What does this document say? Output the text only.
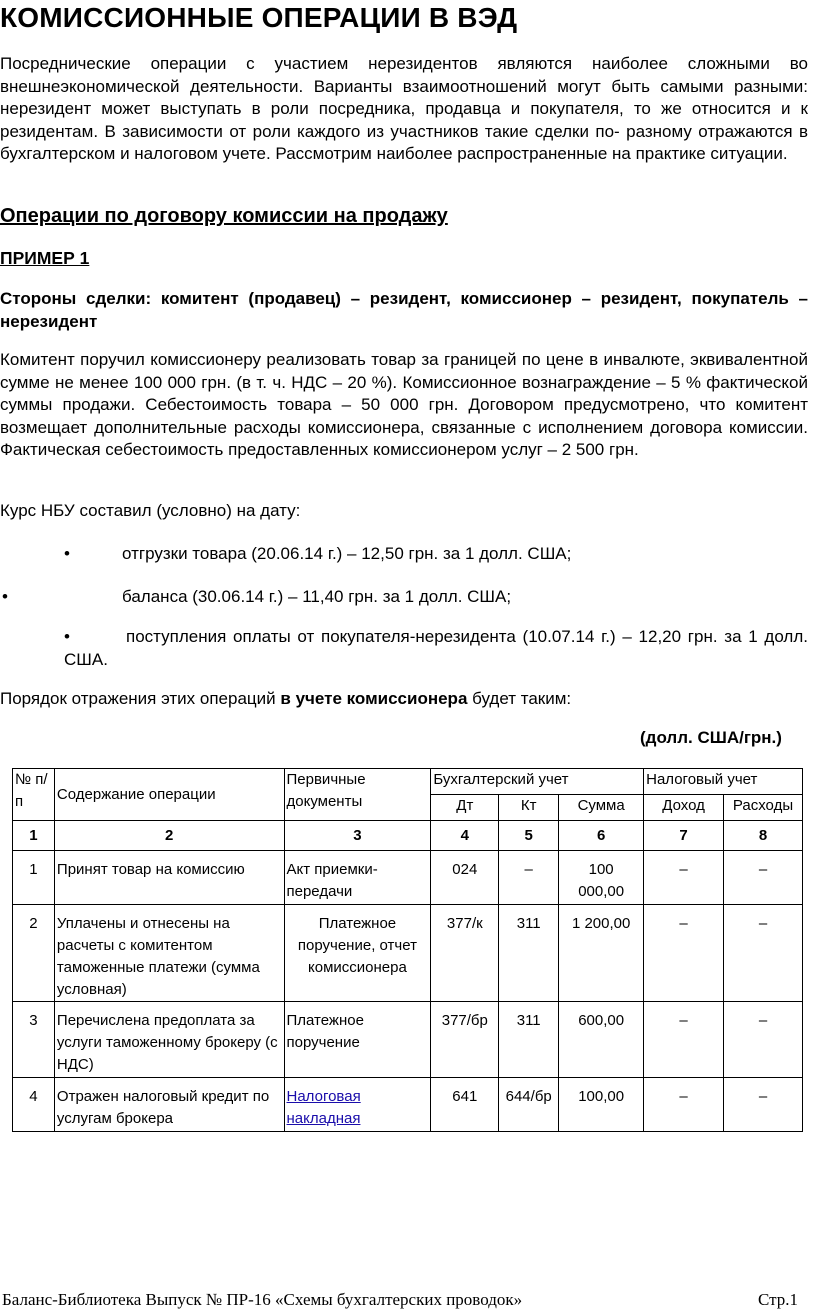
КОМИССИОННЫЕ ОПЕРАЦИИ В ВЭД

Посреднические операции с участием нерезидентов являются наиболее сложными во внешнеэкономической деятельности. Варианты взаимоотношений могут быть самыми разными: нерезидент может выступать в роли посредника, продавца и покупателя, то же относится и к резидентам. В зависимости от роли каждого из участников такие сделки по- разному отражаются в бухгалтерском и налоговом учете. Рассмотрим наиболее распространенные на практике ситуации.

Операции по договору комиссии на продажу

ПРИМЕР 1

Стороны сделки: комитент (продавец) – резидент, комиссионер – резидент, покупатель – нерезидент

Комитент поручил комиссионеру реализовать товар за границей по цене в инвалюте, эквивалентной сумме не менее 100 000 грн. (в т. ч. НДС – 20 %). Комиссионное вознаграждение – 5 % фактической суммы продажи. Себестоимость товара – 50 000 грн. Договором предусмотрено, что комитент возмещает дополнительные расходы комиссионера, связанные с исполнением договора комиссии. Фактическая себестоимость предоставленных комиссионером услуг – 2 500 грн.

Курс НБУ составил (условно) на дату:

•	отгрузки товара (20.06.14 г.) – 12,50 грн. за 1 долл. США;
•	баланса (30.06.14 г.) – 11,40 грн. за 1 долл. США;
•	поступления оплаты от покупателя-нерезидента (10.07.14 г.) – 12,20 грн. за 1 долл. США.

Порядок отражения этих операций в учете комиссионера будет таким:

(долл. США/грн.)

№ п/п	Содержание операции	Первичные документы	Бухгалтерский учет			Налоговый учет	
			Дт	Кт	Сумма	Доход	Расходы
1	2	3	4	5	6	7	8
1	Принят товар на комиссию	Акт приемки-передачи	024	–	100 000,00	–	–
2	Уплачены и отнесены на расчеты с комитентом таможенные платежи (сумма условная)	Платежное поручение, отчет комиссионера	377/к	311	1 200,00	–	–
3	Перечислена предоплата за услуги таможенному брокеру (с НДС)	Платежное поручение	377/бр	311	600,00	–	–
4	Отражен налоговый кредит по услугам брокера	Налоговая накладная	641	644/бр	100,00	–	–

Баланс-Библиотека Выпуск № ПР-16 «Схемы бухгалтерских проводок»	Стр.1
